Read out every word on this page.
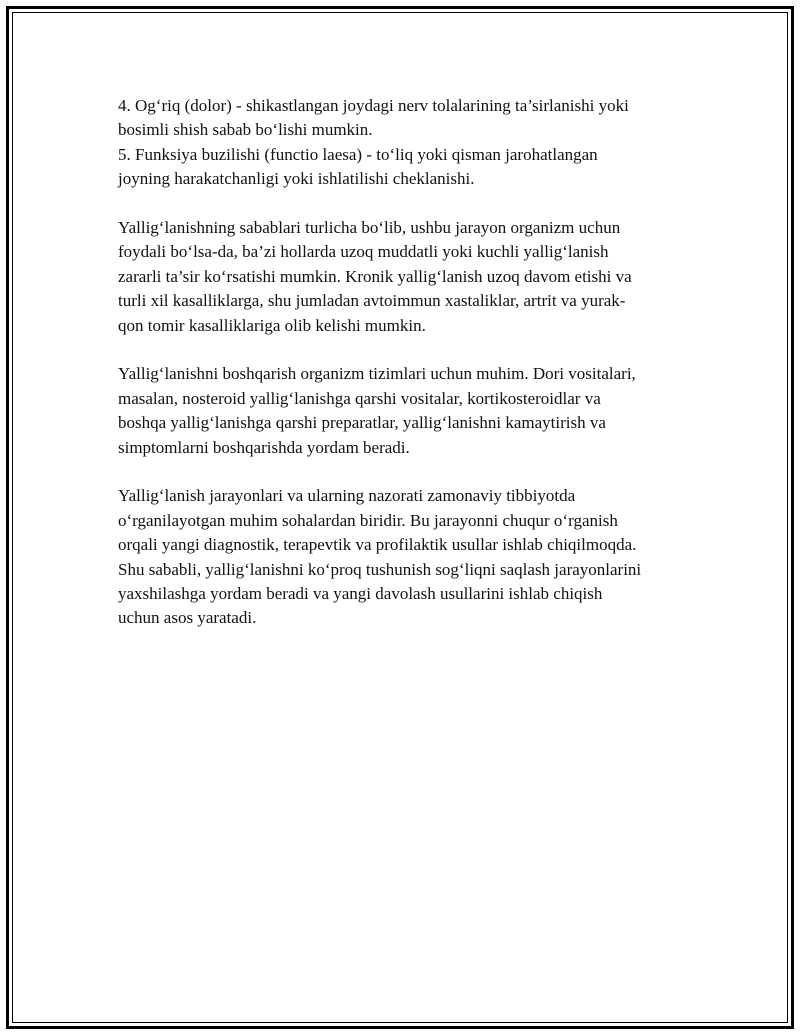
4. Og‘riq (dolor) - shikastlangan joydagi nerv tolalarining ta’sirlanishi yoki
bosimli shish sabab bo‘lishi mumkin.

5. Funksiya buzilishi (functio laesa) - to‘liq yoki qisman jarohatlangan
joyning harakatchanligi yoki ishlatilishi cheklanishi.

Yallig‘lanishning sabablari turlicha bo‘lib, ushbu jarayon organizm uchun
foydali bo‘lsa-da, ba’zi hollarda uzoq muddatli yoki kuchli yallig‘lanish
zararli ta’sir ko‘rsatishi mumkin. Kronik yallig‘lanish uzoq davom etishi va
turli xil kasalliklarga, shu jumladan avtoimmun xastaliklar, artrit va yurak-
qon tomir kasalliklariga olib kelishi mumkin.

Yallig‘lanishni boshqarish organizm tizimlari uchun muhim. Dori vositalari,
masalan, nosteroid yallig‘lanishga qarshi vositalar, kortikosteroidlar va
boshqa yallig‘lanishga qarshi preparatlar, yallig‘lanishni kamaytirish va
simptomlarni boshqarishda yordam beradi.

Yallig‘lanish jarayonlari va ularning nazorati zamonaviy tibbiyotda
o‘rganilayotgan muhim sohalardan biridir. Bu jarayonni chuqur o‘rganish
orqali yangi diagnostik, terapevtik va profilaktik usullar ishlab chiqilmoqda.
Shu sababli, yallig‘lanishni ko‘proq tushunish sog‘liqni saqlash jarayonlarini
yaxshilashga yordam beradi va yangi davolash usullarini ishlab chiqish
uchun asos yaratadi.
